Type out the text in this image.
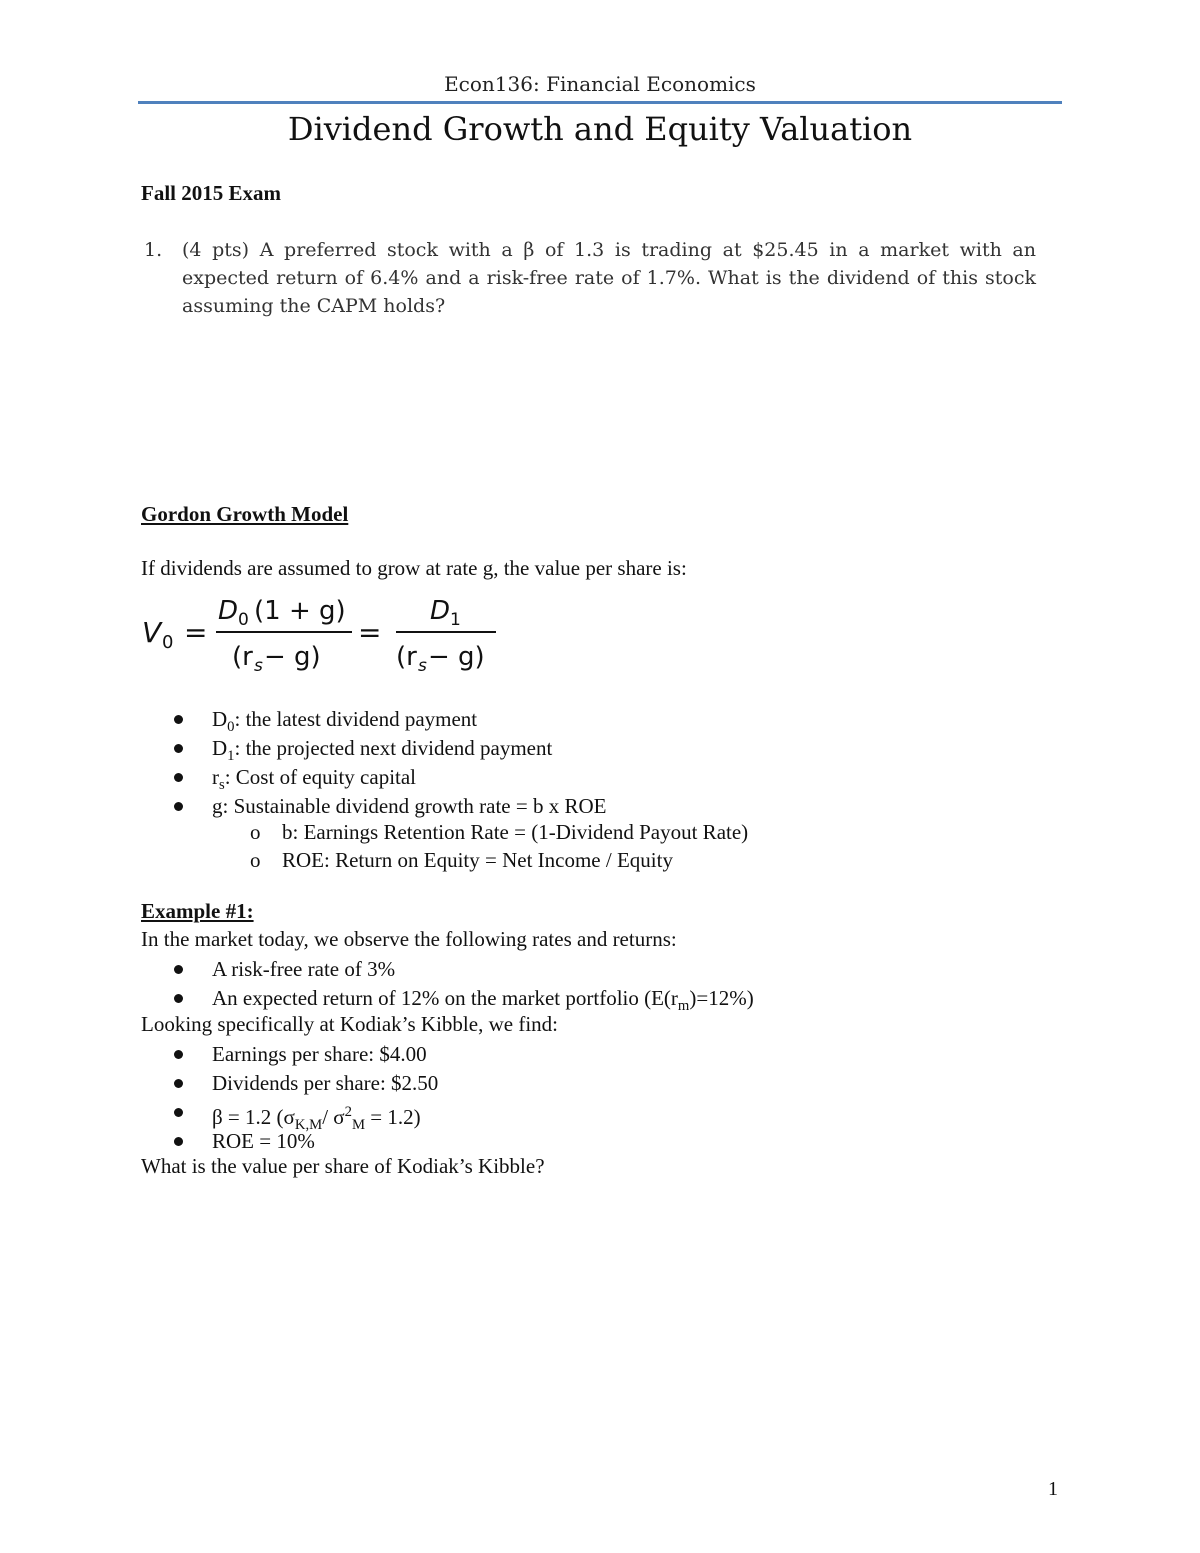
Econ136: Financial Economics
Dividend Growth and Equity Valuation
Fall 2015 Exam
1. (4 pts) A preferred stock with a β of 1.3 is trading at $25.45 in a market with an expected return of 6.4% and a risk-free rate of 1.7%. What is the dividend of this stock assuming the CAPM holds?
Gordon Growth Model
If dividends are assumed to grow at rate g, the value per share is:
V 0 =
D 0 (1 + g)
(r s − g)
=
D 1
(r s − g)
$D_0$: the latest dividend payment
$D_1$: the projected next dividend payment
$r_s$: Cost of equity capital
g: Sustainable dividend growth rate = b x ROE
o b: Earnings Retention Rate = (1-Dividend Payout Rate)
o ROE: Return on Equity = Net Income / Equity
Example #1:
In the market today, we observe the following rates and returns:
A risk-free rate of 3%
An expected return of 12% on the market portfolio $(E(r_m)=12\%)$
Looking specifically at Kodiak’s Kibble, we find:
Earnings per share: $4.00
Dividends per share: $2.50
β = 1.2 ($\sigma_{K,M}/$ $\sigma^2_M = 1.2$)
ROE = 10%
What is the value per share of Kodiak’s Kibble?
1
